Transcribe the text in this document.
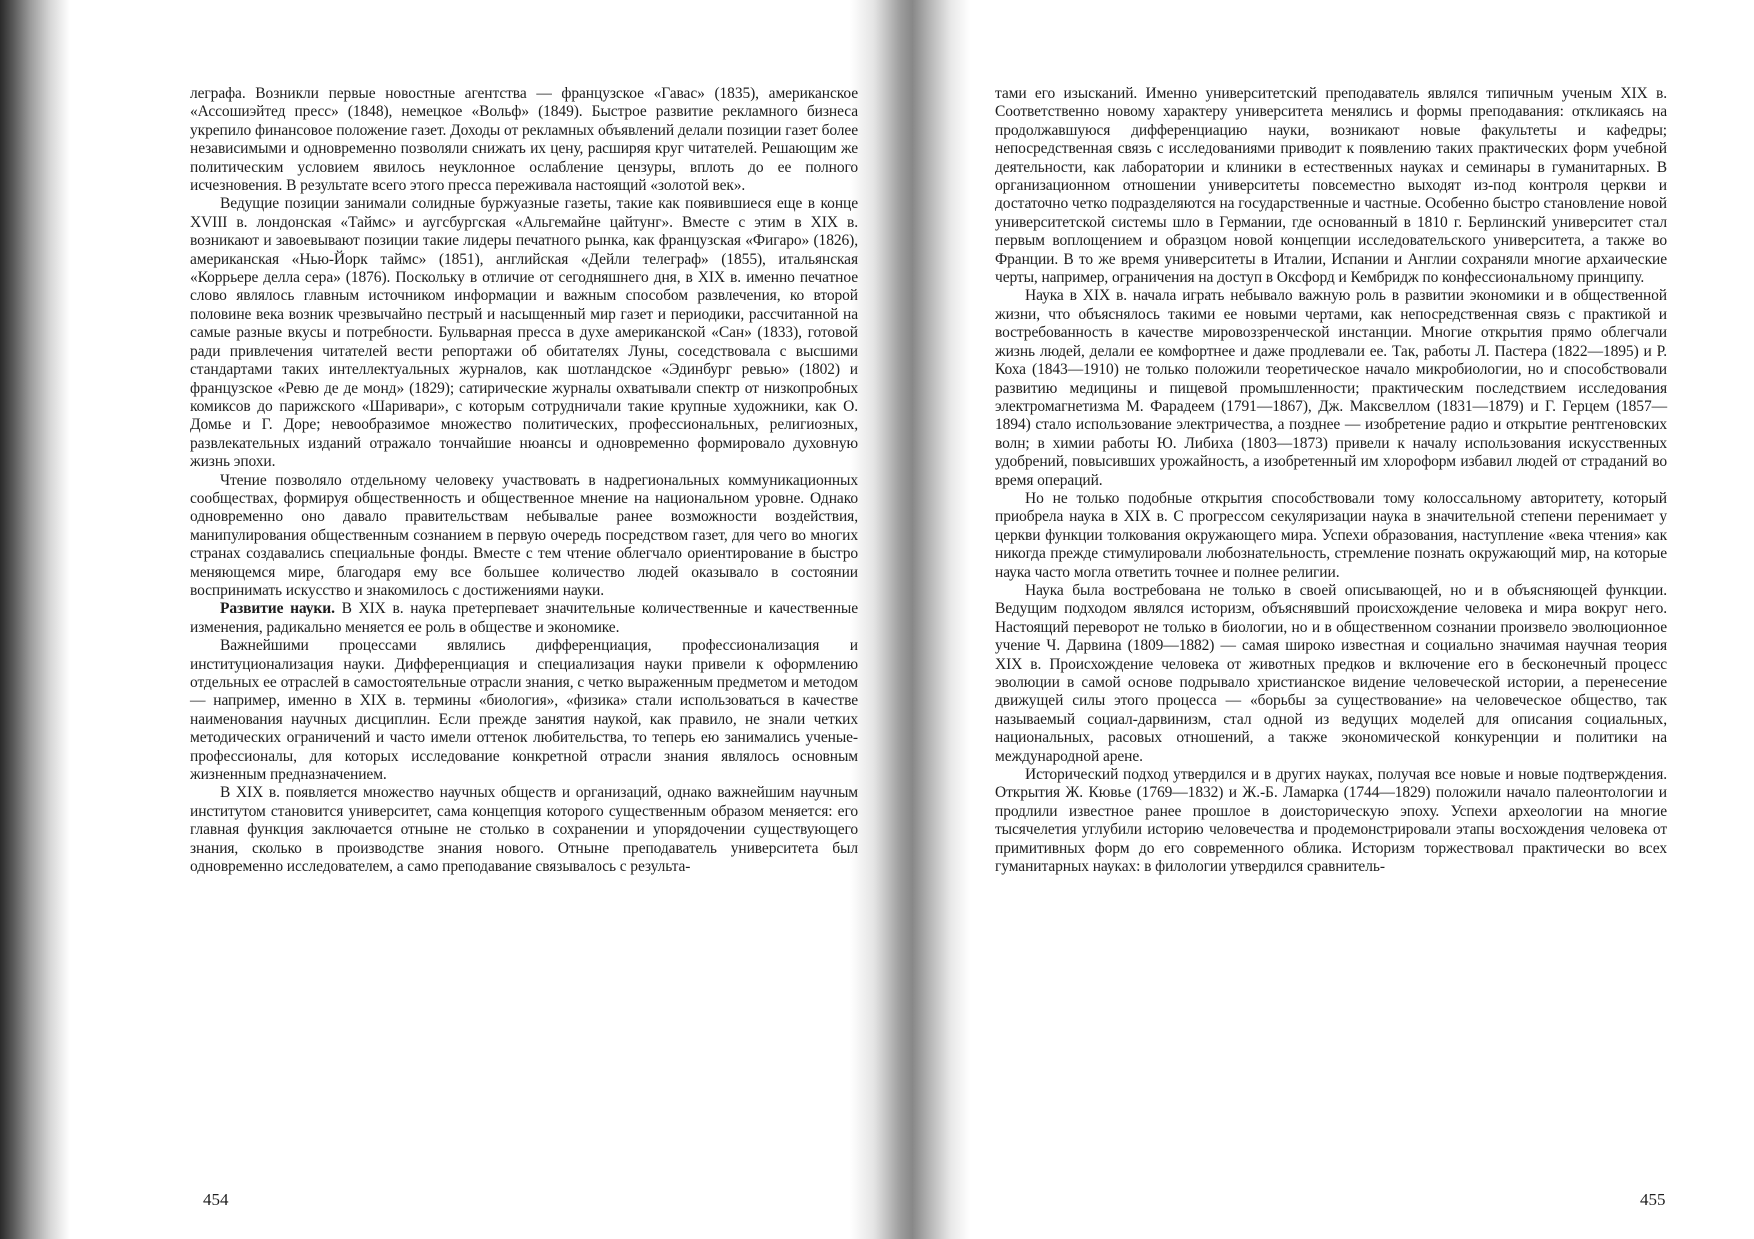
леграфа. Возникли первые новостные агентства — французское «Гавас» (1835), американское «Ассошиэйтед пресс» (1848), немецкое «Вольф» (1849). Быстрое развитие рекламного бизнеса укрепило финансовое положение газет. Доходы от рекламных объявлений делали позиции газет более независимыми и одновременно позволяли снижать их цену, расширяя круг читателей. Решающим же политическим условием явилось неуклонное ослабление цензуры, вплоть до ее полного исчезновения. В результате всего этого пресса переживала настоящий «золотой век».

Ведущие позиции занимали солидные буржуазные газеты, такие как появившиеся еще в конце XVIII в. лондонская «Таймс» и аугсбургская «Альгемайне цайтунг». Вместе с этим в XIX в. возникают и завоевывают позиции такие лидеры печатного рынка, как французская «Фигаро» (1826), американская «Нью-Йорк таймс» (1851), английская «Дейли телеграф» (1855), итальянская «Коррьере делла сера» (1876). Поскольку в отличие от сегодняшнего дня, в XIX в. именно печатное слово являлось главным источником информации и важным способом развлечения, ко второй половине века возник чрезвычайно пестрый и насыщенный мир газет и периодики, рассчитанной на самые разные вкусы и потребности. Бульварная пресса в духе американской «Сан» (1833), готовой ради привлечения читателей вести репортажи об обитателях Луны, соседствовала с высшими стандартами таких интеллектуальных журналов, как шотландское «Эдинбург ревью» (1802) и французское «Ревю де де монд» (1829); сатирические журналы охватывали спектр от низкопробных комиксов до парижского «Шаривари», с которым сотрудничали такие крупные художники, как О. Домье и Г. Доре; невообразимое множество политических, профессиональных, религиозных, развлекательных изданий отражало тончайшие нюансы и одновременно формировало духовную жизнь эпохи.

Чтение позволяло отдельному человеку участвовать в надрегиональных коммуникационных сообществах, формируя общественность и общественное мнение на национальном уровне. Однако одновременно оно давало правительствам небывалые ранее возможности воздействия, манипулирования общественным сознанием в первую очередь посредством газет, для чего во многих странах создавались специальные фонды. Вместе с тем чтение облегчало ориентирование в быстро меняющемся мире, благодаря ему все большее количество людей оказывало в состоянии воспринимать искусство и знакомилось с достижениями науки.

Развитие науки. В XIX в. наука претерпевает значительные количественные и качественные изменения, радикально меняется ее роль в обществе и экономике.

Важнейшими процессами являлись дифференциация, профессионализация и институционализация науки. Дифференциация и специализация науки привели к оформлению отдельных ее отраслей в самостоятельные отрасли знания, с четко выраженным предметом и методом — например, именно в XIX в. термины «биология», «физика» стали использоваться в качестве наименования научных дисциплин. Если прежде занятия наукой, как правило, не знали четких методических ограничений и часто имели оттенок любительства, то теперь ею занимались ученые-профессионалы, для которых исследование конкретной отрасли знания являлось основным жизненным предназначением.

В XIX в. появляется множество научных обществ и организаций, однако важнейшим научным институтом становится университет, сама концепция которого существенным образом меняется: его главная функция заключается отныне не столько в сохранении и упорядочении существующего знания, сколько в производстве знания нового. Отныне преподаватель университета был одновременно исследователем, а само преподавание связывалось с результа-

тами его изысканий. Именно университетский преподаватель являлся типичным ученым XIX в. Соответственно новому характеру университета менялись и формы преподавания: откликаясь на продолжавшуюся дифференциацию науки, возникают новые факультеты и кафедры; непосредственная связь с исследованиями приводит к появлению таких практических форм учебной деятельности, как лаборатории и клиники в естественных науках и семинары в гуманитарных. В организационном отношении университеты повсеместно выходят из-под контроля церкви и достаточно четко подразделяются на государственные и частные. Особенно быстро становление новой университетской системы шло в Германии, где основанный в 1810 г. Берлинский университет стал первым воплощением и образцом новой концепции исследовательского университета, а также во Франции. В то же время университеты в Италии, Испании и Англии сохраняли многие архаические черты, например, ограничения на доступ в Оксфорд и Кембридж по конфессиональному принципу.

Наука в XIX в. начала играть небывало важную роль в развитии экономики и в общественной жизни, что объяснялось такими ее новыми чертами, как непосредственная связь с практикой и востребованность в качестве мировоззренческой инстанции. Многие открытия прямо облегчали жизнь людей, делали ее комфортнее и даже продлевали ее. Так, работы Л. Пастера (1822—1895) и Р. Коха (1843—1910) не только положили теоретическое начало микробиологии, но и способствовали развитию медицины и пищевой промышленности; практическим последствием исследования электромагнетизма М. Фарадеем (1791—1867), Дж. Максвеллом (1831—1879) и Г. Герцем (1857—1894) стало использование электричества, а позднее — изобретение радио и открытие рентгеновских волн; в химии работы Ю. Либиха (1803—1873) привели к началу использования искусственных удобрений, повысивших урожайность, а изобретенный им хлороформ избавил людей от страданий во время операций.

Но не только подобные открытия способствовали тому колоссальному авторитету, который приобрела наука в XIX в. С прогрессом секуляризации наука в значительной степени перенимает у церкви функции толкования окружающего мира. Успехи образования, наступление «века чтения» как никогда прежде стимулировали любознательность, стремление познать окружающий мир, на которые наука часто могла ответить точнее и полнее религии.

Наука была востребована не только в своей описывающей, но и в объясняющей функции. Ведущим подходом являлся историзм, объяснявший происхождение человека и мира вокруг него. Настоящий переворот не только в биологии, но и в общественном сознании произвело эволюционное учение Ч. Дарвина (1809—1882) — самая широко известная и социально значимая научная теория XIX в. Происхождение человека от животных предков и включение его в бесконечный процесс эволюции в самой основе подрывало христианское видение человеческой истории, а перенесение движущей силы этого процесса — «борьбы за существование» на человеческое общество, так называемый социал-дарвинизм, стал одной из ведущих моделей для описания социальных, национальных, расовых отношений, а также экономической конкуренции и политики на международной арене.

Исторический подход утвердился и в других науках, получая все новые и новые подтверждения. Открытия Ж. Кювье (1769—1832) и Ж.-Б. Ламарка (1744—1829) положили начало палеонтологии и продлили известное ранее прошлое в доисторическую эпоху. Успехи археологии на многие тысячелетия углубили историю человечества и продемонстрировали этапы восхождения человека от примитивных форм до его современного облика. Историзм торжествовал практически во всех гуманитарных науках: в филологии утвердился сравнитель-

454	455
